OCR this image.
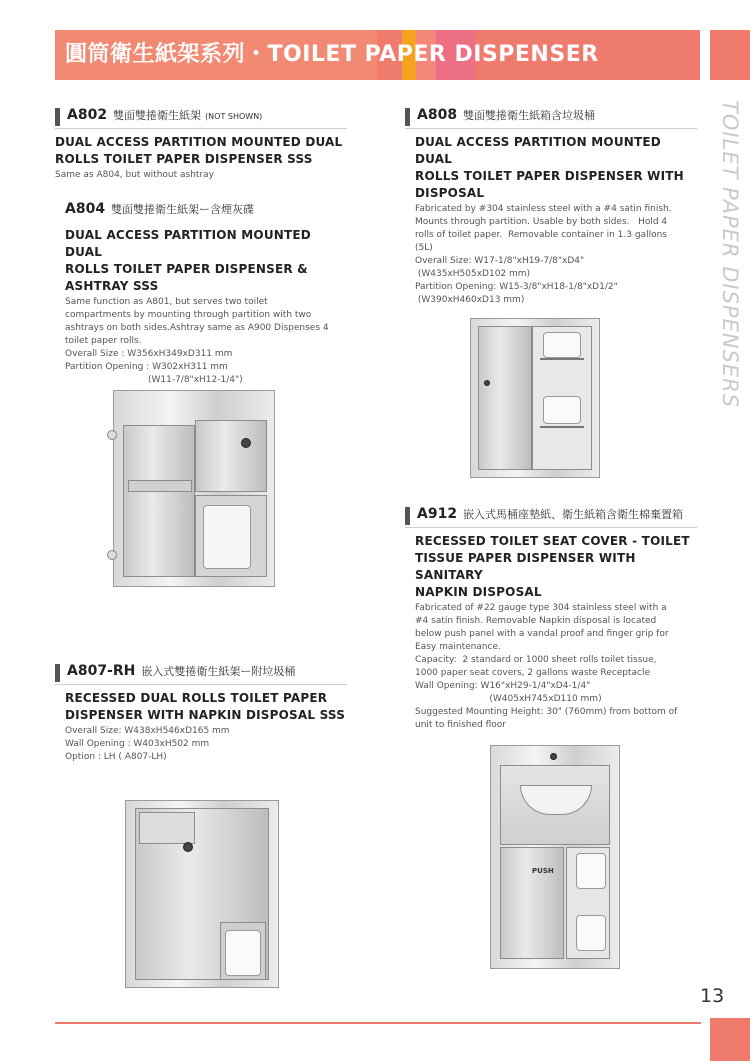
圓筒衛生紙架系列・TOILET PAPER DISPENSER
TOILET PAPER DISPENSERS
A802 雙面雙捲衛生紙架 (NOT SHOWN)
DUAL ACCESS PARTITION MOUNTED DUAL
ROLLS TOILET PAPER DISPENSER SSS
Same as A804, but without ashtray
A804 雙面雙捲衛生紙架ー含煙灰碟
DUAL ACCESS PARTITION MOUNTED DUAL
ROLLS TOILET PAPER DISPENSER & ASHTRAY SSS
Same function as A801, but serves two toilet
compartments by mounting through partition with two
ashtrays on both sides.Ashtray same as A900 Dispenses 4
toilet paper rolls.
Overall Size : W356xH349xD311 mm
Partition Opening : W302xH311 mm
(W11-7/8"xH12-1/4")
A808 雙面雙捲衛生紙箱含垃圾桶
DUAL ACCESS PARTITION MOUNTED DUAL
ROLLS TOILET PAPER DISPENSER WITH
DISPOSAL
Fabricated by #304 stainless steel with a #4 satin finish.
Mounts through partition. Usable by both sides.   Hold 4
rolls of toilet paper.  Removable container in 1.3 gallons
(5L)
Overall Size: W17-1/8"xH19-7/8"xD4"
(W435xH505xD102 mm)
Partition Opening: W15-3/8"xH18-1/8"xD1/2"
(W390xH460xD13 mm)
A912 嵌入式馬桶座墊紙、衛生紙箱含衛生棉棄置箱
RECESSED TOILET SEAT COVER - TOILET
TISSUE PAPER DISPENSER WITH SANITARY
NAPKIN DISPOSAL
Fabricated of #22 gauge type 304 stainless steel with a
#4 satin finish. Removable Napkin disposal is located
below push panel with a vandal proof and finger grip for
Easy maintenance.
Capacity:  2 standard or 1000 sheet rolls toilet tissue,
1000 paper seat covers, 2 gallons waste Receptacle
Wall Opening: W16"xH29-1/4"xD4-1/4"
(W405xH745xD110 mm)
Suggested Mounting Height: 30" (760mm) from bottom of
unit to finished floor
A807-RH 嵌入式雙捲衛生紙架ー附垃圾桶
RECESSED DUAL ROLLS TOILET PAPER
DISPENSER WITH NAPKIN DISPOSAL SSS
Overall Size: W438xH546xD165 mm
Wall Opening : W403xH502 mm
Option : LH ( A807-LH)
PUSH
13
